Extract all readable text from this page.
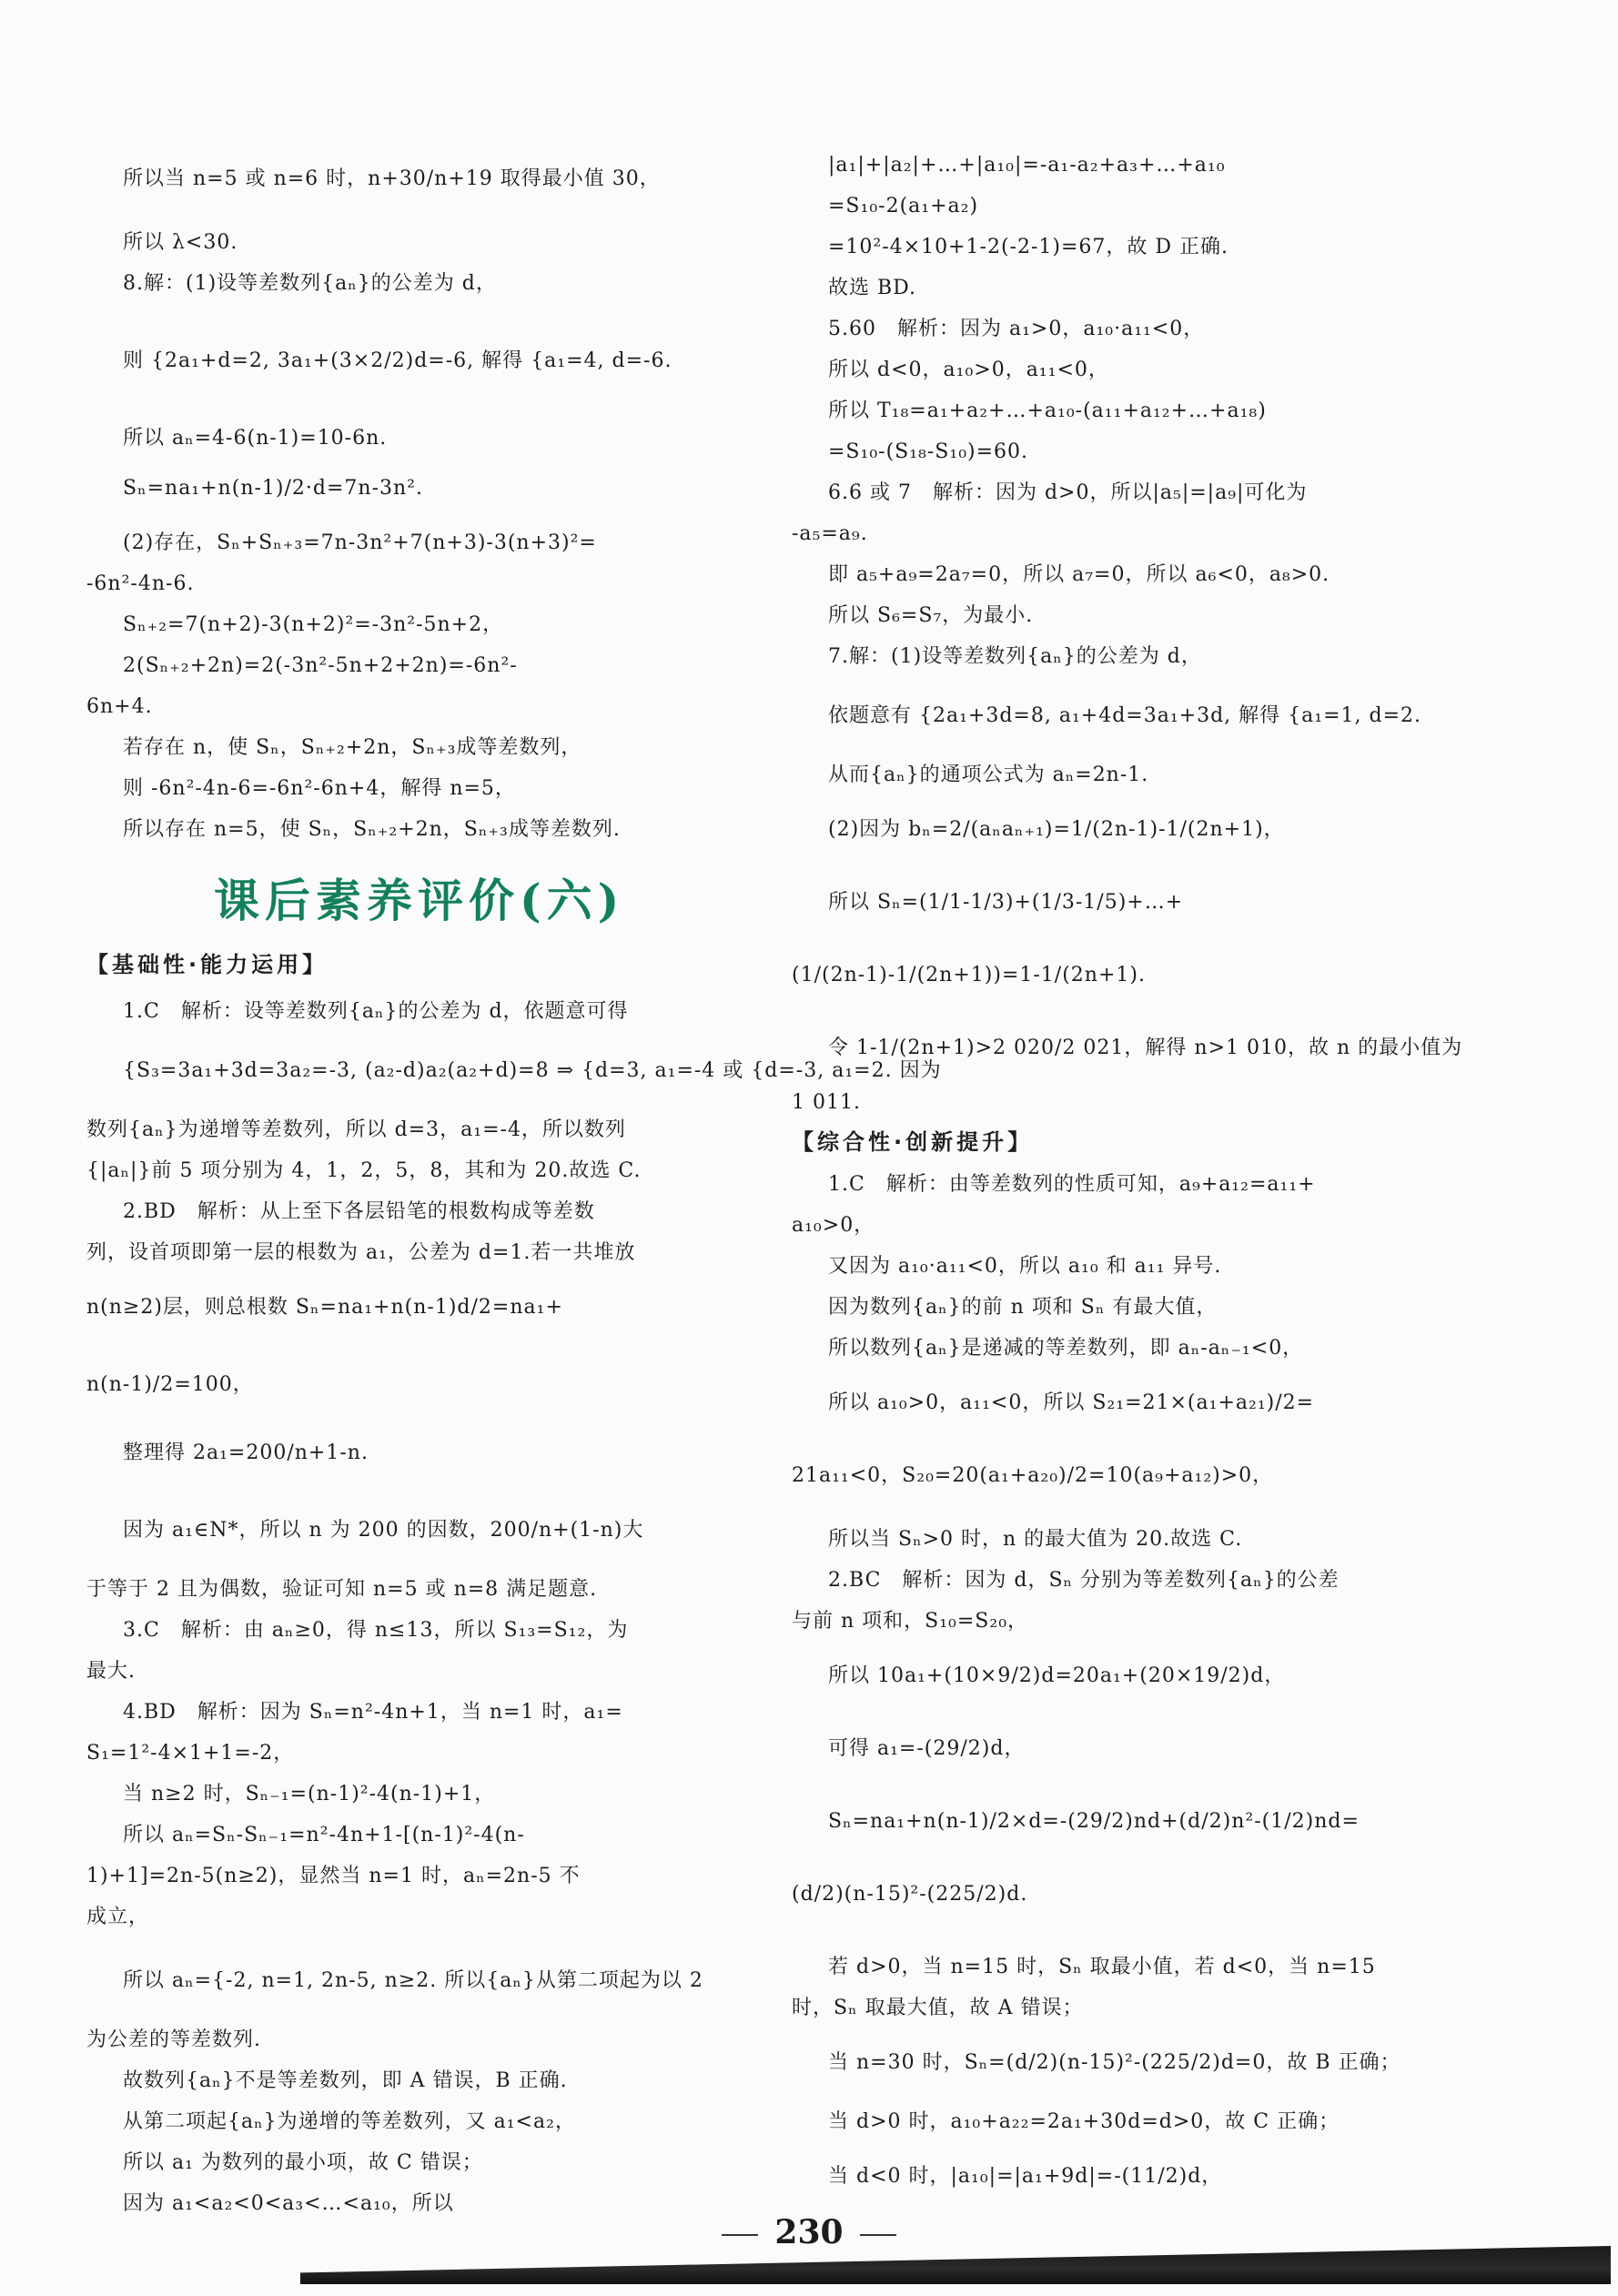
所以当 n=5 或 n=6 时，n+30/n+19 取得最小值 30，
所以 λ<30.
8.解：(1)设等差数列{aₙ}的公差为 d，
则 {2a₁+d=2, 3a₁+(3×2/2)d=-6, 解得 {a₁=4, d=-6.
所以 aₙ=4-6(n-1)=10-6n.
Sₙ=na₁+n(n-1)/2·d=7n-3n².
(2)存在，Sₙ+Sₙ₊₃=7n-3n²+7(n+3)-3(n+3)²=
-6n²-4n-6.
Sₙ₊₂=7(n+2)-3(n+2)²=-3n²-5n+2，
2(Sₙ₊₂+2n)=2(-3n²-5n+2+2n)=-6n²-
6n+4.
若存在 n，使 Sₙ，Sₙ₊₂+2n，Sₙ₊₃成等差数列，
则 -6n²-4n-6=-6n²-6n+4，解得 n=5，
所以存在 n=5，使 Sₙ，Sₙ₊₂+2n，Sₙ₊₃成等差数列.
1.C　解析：设等差数列{aₙ}的公差为 d，依题意可得
{S₃=3a₁+3d=3a₂=-3, (a₂-d)a₂(a₂+d)=8 ⇒ {d=3, a₁=-4 或 {d=-3, a₁=2. 因为
数列{aₙ}为递增等差数列，所以 d=3，a₁=-4，所以数列
{|aₙ|}前 5 项分别为 4，1，2，5，8，其和为 20.故选 C.
2.BD　解析：从上至下各层铅笔的根数构成等差数
列，设首项即第一层的根数为 a₁，公差为 d=1.若一共堆放
n(n≥2)层，则总根数 Sₙ=na₁+n(n-1)d/2=na₁+
n(n-1)/2=100，
整理得 2a₁=200/n+1-n.
因为 a₁∈N*，所以 n 为 200 的因数，200/n+(1-n)大
于等于 2 且为偶数，验证可知 n=5 或 n=8 满足题意.
3.C　解析：由 aₙ≥0，得 n≤13，所以 S₁₃=S₁₂，为
最大.
4.BD　解析：因为 Sₙ=n²-4n+1，当 n=1 时，a₁=
S₁=1²-4×1+1=-2，
当 n≥2 时，Sₙ₋₁=(n-1)²-4(n-1)+1，
所以 aₙ=Sₙ-Sₙ₋₁=n²-4n+1-[(n-1)²-4(n-
1)+1]=2n-5(n≥2)，显然当 n=1 时，aₙ=2n-5 不
成立，
所以 aₙ={-2, n=1, 2n-5, n≥2. 所以{aₙ}从第二项起为以 2
为公差的等差数列.
故数列{aₙ}不是等差数列，即 A 错误，B 正确.
从第二项起{aₙ}为递增的等差数列，又 a₁<a₂，
所以 a₁ 为数列的最小项，故 C 错误；
因为 a₁<a₂<0<a₃<…<a₁₀，所以
|a₁|+|a₂|+…+|a₁₀|=-a₁-a₂+a₃+…+a₁₀
=S₁₀-2(a₁+a₂)
=10²-4×10+1-2(-2-1)=67，故 D 正确.
故选 BD.
5.60　解析：因为 a₁>0，a₁₀·a₁₁<0，
所以 d<0，a₁₀>0，a₁₁<0，
所以 T₁₈=a₁+a₂+…+a₁₀-(a₁₁+a₁₂+…+a₁₈)
=S₁₀-(S₁₈-S₁₀)=60.
6.6 或 7　解析：因为 d>0，所以|a₅|=|a₉|可化为
-a₅=a₉.
即 a₅+a₉=2a₇=0，所以 a₇=0，所以 a₆<0，a₈>0.
所以 S₆=S₇，为最小.
7.解：(1)设等差数列{aₙ}的公差为 d，
依题意有 {2a₁+3d=8, a₁+4d=3a₁+3d, 解得 {a₁=1, d=2.
从而{aₙ}的通项公式为 aₙ=2n-1.
(2)因为 bₙ=2/(aₙaₙ₊₁)=1/(2n-1)-1/(2n+1)，
所以 Sₙ=(1/1-1/3)+(1/3-1/5)+…+
(1/(2n-1)-1/(2n+1))=1-1/(2n+1).
令 1-1/(2n+1)>2 020/2 021，解得 n>1 010，故 n 的最小值为
1 011.
1.C　解析：由等差数列的性质可知，a₉+a₁₂=a₁₁+
a₁₀>0，
又因为 a₁₀·a₁₁<0，所以 a₁₀ 和 a₁₁ 异号.
因为数列{aₙ}的前 n 项和 Sₙ 有最大值，
所以数列{aₙ}是递减的等差数列，即 aₙ-aₙ₋₁<0，
所以 a₁₀>0，a₁₁<0，所以 S₂₁=21×(a₁+a₂₁)/2=
21a₁₁<0，S₂₀=20(a₁+a₂₀)/2=10(a₉+a₁₂)>0，
所以当 Sₙ>0 时，n 的最大值为 20.故选 C.
2.BC　解析：因为 d，Sₙ 分别为等差数列{aₙ}的公差
与前 n 项和，S₁₀=S₂₀，
所以 10a₁+(10×9/2)d=20a₁+(20×19/2)d，
可得 a₁=-(29/2)d，
Sₙ=na₁+n(n-1)/2×d=-(29/2)nd+(d/2)n²-(1/2)nd=
(d/2)(n-15)²-(225/2)d.
若 d>0，当 n=15 时，Sₙ 取最小值，若 d<0，当 n=15
时，Sₙ 取最大值，故 A 错误；
当 n=30 时，Sₙ=(d/2)(n-15)²-(225/2)d=0，故 B 正确；
当 d>0 时，a₁₀+a₂₂=2a₁+30d=d>0，故 C 正确；
当 d<0 时，|a₁₀|=|a₁+9d|=-(11/2)d，
课后素养评价(六)
【基础性·能力运用】
【综合性·创新提升】
230
